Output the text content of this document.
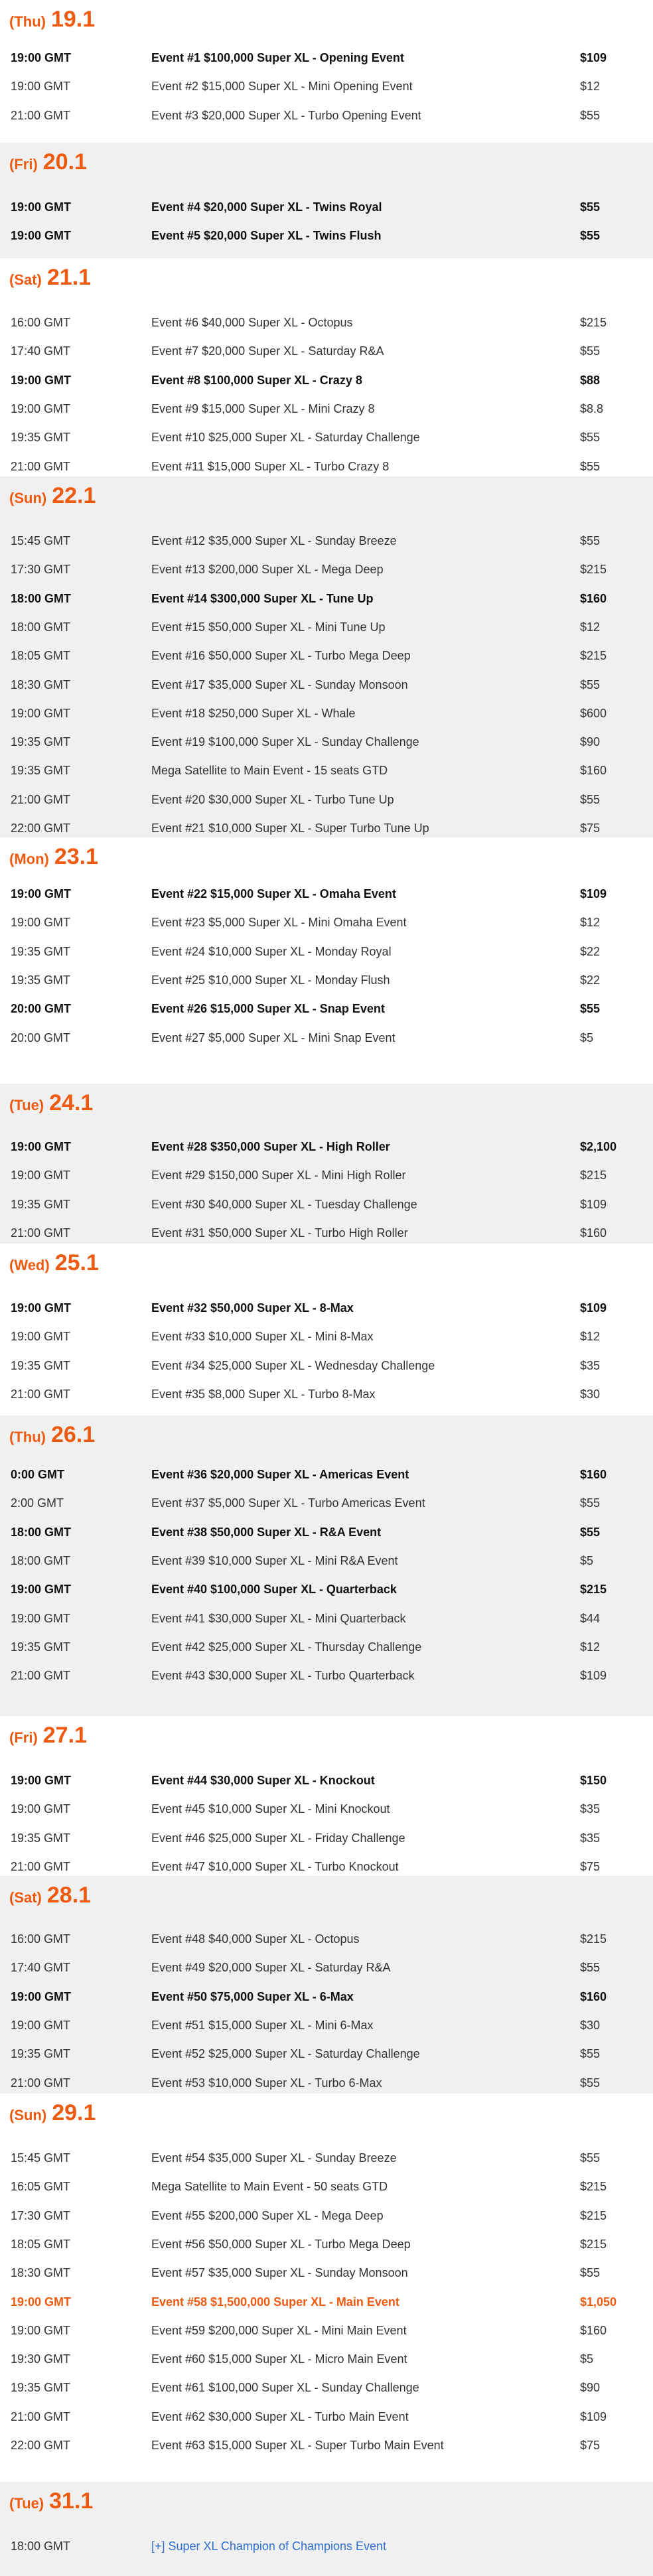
(Thu) 19.1
19:00 GMT	Event #1 $100,000 Super XL - Opening Event	$109
19:00 GMT	Event #2 $15,000 Super XL - Mini Opening Event	$12
21:00 GMT	Event #3 $20,000 Super XL - Turbo Opening Event	$55
(Fri) 20.1
19:00 GMT	Event #4 $20,000 Super XL - Twins Royal	$55
19:00 GMT	Event #5 $20,000 Super XL - Twins Flush	$55
(Sat) 21.1
16:00 GMT	Event #6 $40,000 Super XL - Octopus	$215
17:40 GMT	Event #7 $20,000 Super XL - Saturday R&A	$55
19:00 GMT	Event #8 $100,000 Super XL - Crazy 8	$88
19:00 GMT	Event #9 $15,000 Super XL - Mini Crazy 8	$8.8
19:35 GMT	Event #10 $25,000 Super XL - Saturday Challenge	$55
21:00 GMT	Event #11 $15,000 Super XL - Turbo Crazy 8	$55
(Sun) 22.1
15:45 GMT	Event #12 $35,000 Super XL - Sunday Breeze	$55
17:30 GMT	Event #13 $200,000 Super XL - Mega Deep	$215
18:00 GMT	Event #14 $300,000 Super XL - Tune Up	$160
18:00 GMT	Event #15 $50,000 Super XL - Mini Tune Up	$12
18:05 GMT	Event #16 $50,000 Super XL - Turbo Mega Deep	$215
18:30 GMT	Event #17 $35,000 Super XL - Sunday Monsoon	$55
19:00 GMT	Event #18 $250,000 Super XL - Whale	$600
19:35 GMT	Event #19 $100,000 Super XL - Sunday Challenge	$90
19:35 GMT	Mega Satellite to Main Event - 15 seats GTD	$160
21:00 GMT	Event #20 $30,000 Super XL - Turbo Tune Up	$55
22:00 GMT	Event #21 $10,000 Super XL - Super Turbo Tune Up	$75
(Mon) 23.1
19:00 GMT	Event #22 $15,000 Super XL - Omaha Event	$109
19:00 GMT	Event #23 $5,000 Super XL - Mini Omaha Event	$12
19:35 GMT	Event #24 $10,000 Super XL - Monday Royal	$22
19:35 GMT	Event #25 $10,000 Super XL - Monday Flush	$22
20:00 GMT	Event #26 $15,000 Super XL - Snap Event	$55
20:00 GMT	Event #27 $5,000 Super XL - Mini Snap Event	$5
(Tue) 24.1
19:00 GMT	Event #28 $350,000 Super XL - High Roller	$2,100
19:00 GMT	Event #29 $150,000 Super XL - Mini High Roller	$215
19:35 GMT	Event #30 $40,000 Super XL - Tuesday Challenge	$109
21:00 GMT	Event #31 $50,000 Super XL - Turbo High Roller	$160
(Wed) 25.1
19:00 GMT	Event #32 $50,000 Super XL - 8-Max	$109
19:00 GMT	Event #33 $10,000 Super XL - Mini 8-Max	$12
19:35 GMT	Event #34 $25,000 Super XL - Wednesday Challenge	$35
21:00 GMT	Event #35 $8,000 Super XL - Turbo 8-Max	$30
(Thu) 26.1
0:00 GMT	Event #36 $20,000 Super XL - Americas Event	$160
2:00 GMT	Event #37 $5,000 Super XL - Turbo Americas Event	$55
18:00 GMT	Event #38 $50,000 Super XL - R&A Event	$55
18:00 GMT	Event #39 $10,000 Super XL - Mini R&A Event	$5
19:00 GMT	Event #40 $100,000 Super XL - Quarterback	$215
19:00 GMT	Event #41 $30,000 Super XL - Mini Quarterback	$44
19:35 GMT	Event #42 $25,000 Super XL - Thursday Challenge	$12
21:00 GMT	Event #43 $30,000 Super XL - Turbo Quarterback	$109
(Fri) 27.1
19:00 GMT	Event #44 $30,000 Super XL - Knockout	$150
19:00 GMT	Event #45 $10,000 Super XL - Mini Knockout	$35
19:35 GMT	Event #46 $25,000 Super XL - Friday Challenge	$35
21:00 GMT	Event #47 $10,000 Super XL - Turbo Knockout	$75
(Sat) 28.1
16:00 GMT	Event #48 $40,000 Super XL - Octopus	$215
17:40 GMT	Event #49 $20,000 Super XL - Saturday R&A	$55
19:00 GMT	Event #50 $75,000 Super XL - 6-Max	$160
19:00 GMT	Event #51 $15,000 Super XL - Mini 6-Max	$30
19:35 GMT	Event #52 $25,000 Super XL - Saturday Challenge	$55
21:00 GMT	Event #53 $10,000 Super XL - Turbo 6-Max	$55
(Sun) 29.1
15:45 GMT	Event #54 $35,000 Super XL - Sunday Breeze	$55
16:05 GMT	Mega Satellite to Main Event - 50 seats GTD	$215
17:30 GMT	Event #55 $200,000 Super XL - Mega Deep	$215
18:05 GMT	Event #56 $50,000 Super XL - Turbo Mega Deep	$215
18:30 GMT	Event #57 $35,000 Super XL - Sunday Monsoon	$55
19:00 GMT	Event #58 $1,500,000 Super XL - Main Event	$1,050
19:00 GMT	Event #59 $200,000 Super XL - Mini Main Event	$160
19:30 GMT	Event #60 $15,000 Super XL - Micro Main Event	$5
19:35 GMT	Event #61 $100,000 Super XL - Sunday Challenge	$90
21:00 GMT	Event #62 $30,000 Super XL - Turbo Main Event	$109
22:00 GMT	Event #63 $15,000 Super XL - Super Turbo Main Event	$75
(Tue) 31.1
18:00 GMT	[+] Super XL Champion of Champions Event
